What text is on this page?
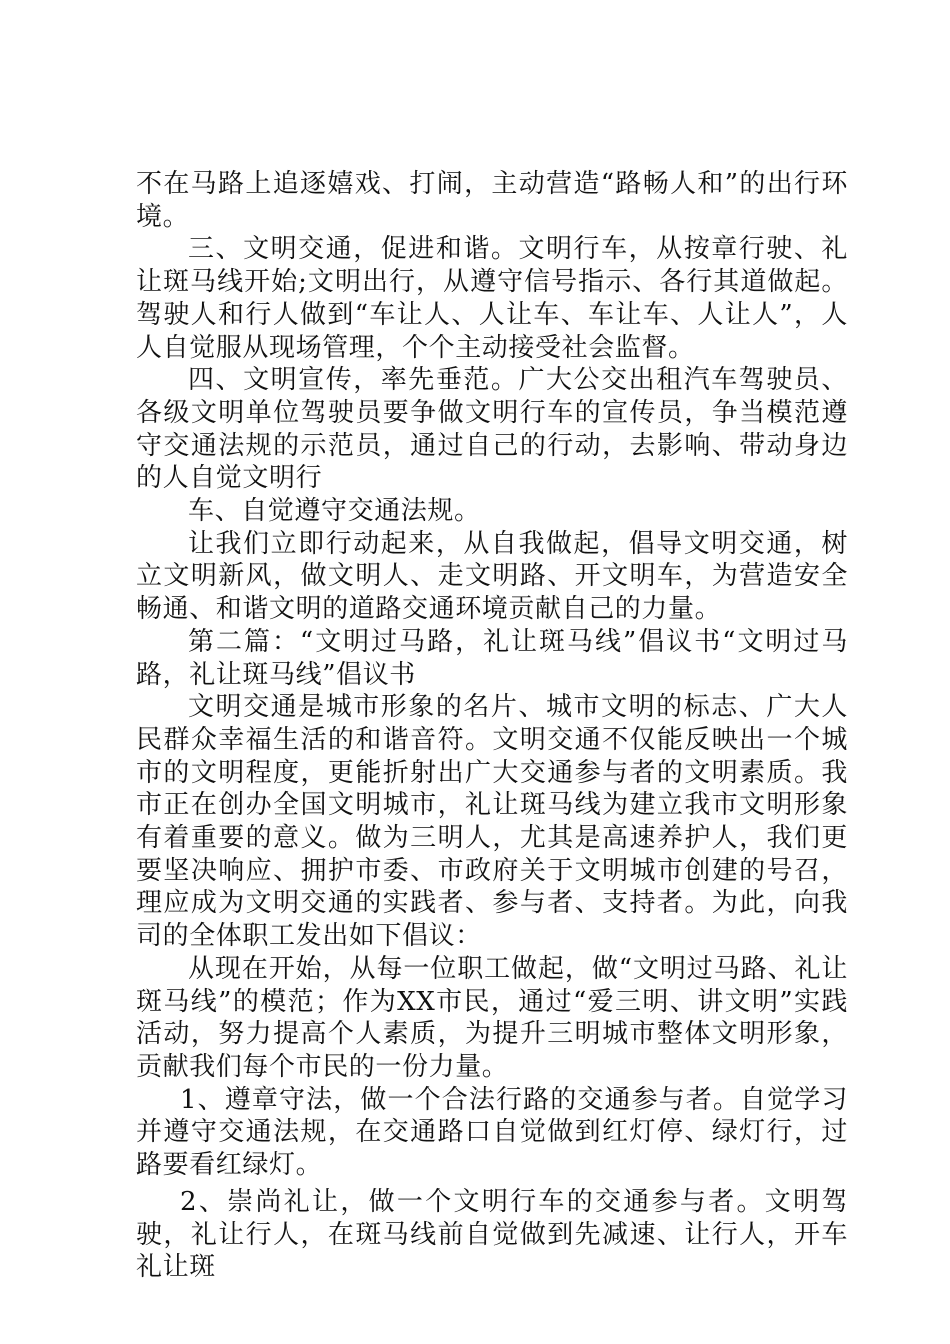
不在马路上追逐嬉戏、打闹，主动营造“路畅人和”的出行环境。

三、文明交通，促进和谐。文明行车，从按章行驶、礼让斑马线开始;文明出行，从遵守信号指示、各行其道做起。驾驶人和行人做到“车让人、人让车、车让车、人让人”，人人自觉服从现场管理，个个主动接受社会监督。

四、文明宣传，率先垂范。广大公交出租汽车驾驶员、各级文明单位驾驶员要争做文明行车的宣传员，争当模范遵守交通法规的示范员，通过自己的行动，去影响、带动身边的人自觉文明行

车、自觉遵守交通法规。

让我们立即行动起来，从自我做起，倡导文明交通，树立文明新风，做文明人、走文明路、开文明车，为营造安全畅通、和谐文明的道路交通环境贡献自己的力量。

第二篇：“文明过马路，礼让斑马线”倡议书“文明过马路，礼让斑马线”倡议书

文明交通是城市形象的名片、城市文明的标志、广大人民群众幸福生活的和谐音符。文明交通不仅能反映出一个城市的文明程度，更能折射出广大交通参与者的文明素质。我市正在创办全国文明城市，礼让斑马线为建立我市文明形象有着重要的意义。做为三明人，尤其是高速养护人，我们更要坚决响应、拥护市委、市政府关于文明城市创建的号召，理应成为文明交通的实践者、参与者、支持者。为此，向我司的全体职工发出如下倡议：

从现在开始，从每一位职工做起，做“文明过马路、礼让斑马线”的模范；作为XX市民，通过“爱三明、讲文明”实践活动，努力提高个人素质，为提升三明城市整体文明形象，贡献我们每个市民的一份力量。

1、遵章守法，做一个合法行路的交通参与者。自觉学习并遵守交通法规，在交通路口自觉做到红灯停、绿灯行，过路要看红绿灯。

2、崇尚礼让，做一个文明行车的交通参与者。文明驾驶，礼让行人，在斑马线前自觉做到先减速、让行人，开车礼让斑
